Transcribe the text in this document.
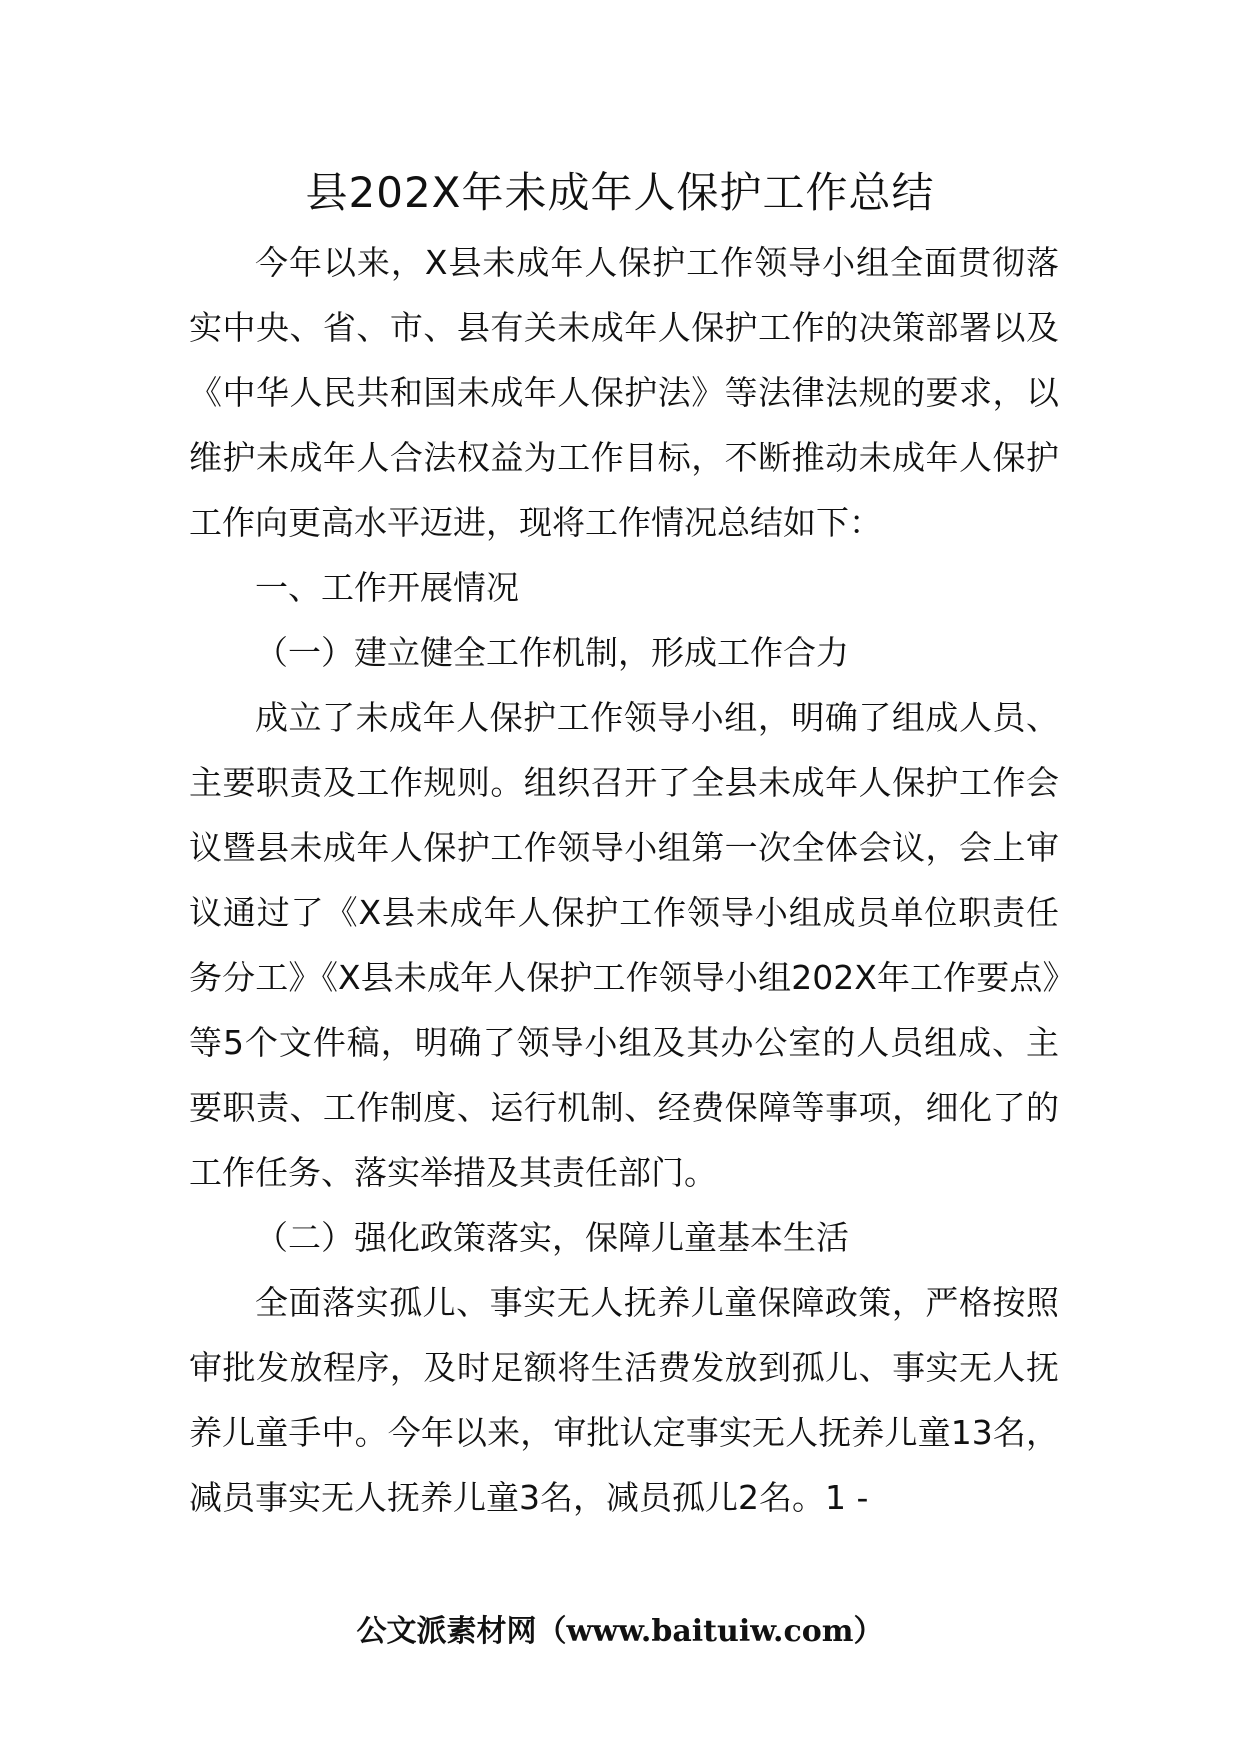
县202X年未成年人保护工作总结

今年以来，X县未成年人保护工作领导小组全面贯彻落实中央、省、市、县有关未成年人保护工作的决策部署以及《中华人民共和国未成年人保护法》等法律法规的要求，以维护未成年人合法权益为工作目标，不断推动未成年人保护工作向更高水平迈进，现将工作情况总结如下：

一、工作开展情况

（一）建立健全工作机制，形成工作合力

成立了未成年人保护工作领导小组，明确了组成人员、主要职责及工作规则。组织召开了全县未成年人保护工作会议暨县未成年人保护工作领导小组第一次全体会议，会上审议通过了《X县未成年人保护工作领导小组成员单位职责任务分工》《X县未成年人保护工作领导小组202X年工作要点》等5个文件稿，明确了领导小组及其办公室的人员组成、主要职责、工作制度、运行机制、经费保障等事项，细化了的工作任务、落实举措及其责任部门。

（二）强化政策落实，保障儿童基本生活

全面落实孤儿、事实无人抚养儿童保障政策，严格按照审批发放程序，及时足额将生活费发放到孤儿、事实无人抚养儿童手中。今年以来，审批认定事实无人抚养儿童13名，减员事实无人抚养儿童3名，减员孤儿2名。1 -

公文派素材网（www.baituiw.com）
